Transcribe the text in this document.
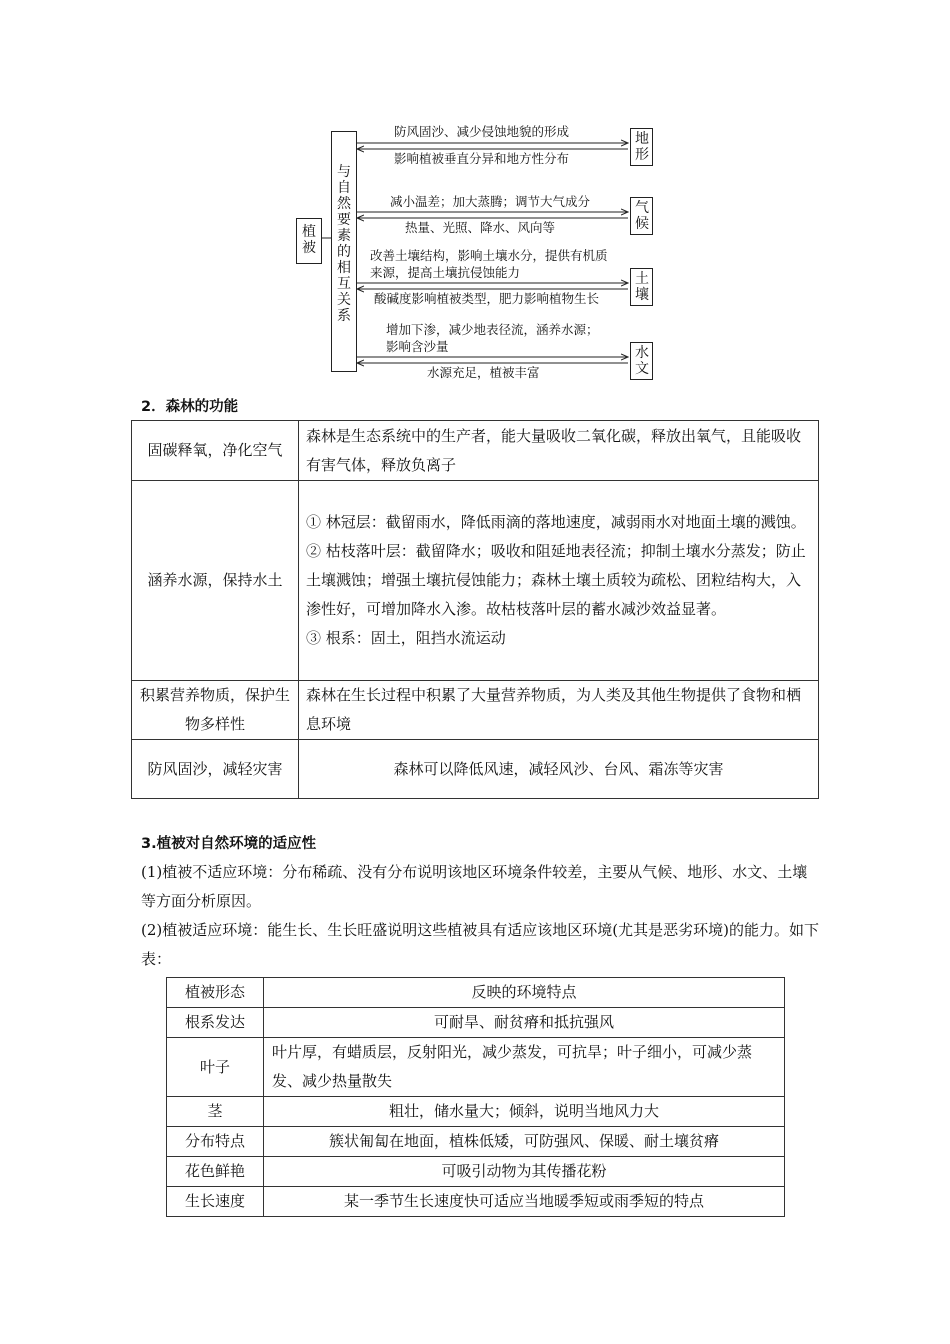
植被
与自然要素的相互关系
地形
气候
土壤
水文
防风固沙、减少侵蚀地貌的形成
影响植被垂直分异和地方性分布
减小温差；加大蒸腾；调节大气成分
热量、光照、降水、风向等
改善土壤结构，影响土壤水分，提供有机质
来源，提高土壤抗侵蚀能力
酸碱度影响植被类型，肥力影响植物生长
增加下渗，减少地表径流，涵养水源；
影响含沙量
水源充足，植被丰富
2．森林的功能
固碳释氧，净化空气	森林是生态系统中的生产者，能大量吸收二氧化碳，释放出氧气，且能吸收有害气体，释放负离子
涵养水源，保持水土	① 林冠层：截留雨水，降低雨滴的落地速度，减弱雨水对地面土壤的溅蚀。
② 枯枝落叶层：截留降水；吸收和阻延地表径流；抑制土壤水分蒸发；防止土壤溅蚀；增强土壤抗侵蚀能力；森林土壤土质较为疏松、团粒结构大，入渗性好，可增加降水入渗。故枯枝落叶层的蓄水减沙效益显著。
③ 根系：固土，阻挡水流运动

积累营养物质，保护生物多样性	森林在生长过程中积累了大量营养物质，为人类及其他生物提供了食物和栖息环境
防风固沙，减轻灾害	森林可以降低风速，减轻风沙、台风、霜冻等灾害
3.植被对自然环境的适应性
(1)植被不适应环境：分布稀疏、没有分布说明该地区环境条件较差，主要从气候、地形、水文、土壤等方面分析原因。
(2)植被适应环境：能生长、生长旺盛说明这些植被具有适应该地区环境(尤其是恶劣环境)的能力。如下表：
植被形态	反映的环境特点
根系发达	可耐旱、耐贫瘠和抵抗强风
叶子	叶片厚，有蜡质层，反射阳光，减少蒸发，可抗旱；叶子细小，可减少蒸发、减少热量散失
茎	粗壮，储水量大；倾斜，说明当地风力大
分布特点	簇状匍匐在地面，植株低矮，可防强风、保暖、耐土壤贫瘠
花色鲜艳	可吸引动物为其传播花粉
生长速度	某一季节生长速度快可适应当地暖季短或雨季短的特点
